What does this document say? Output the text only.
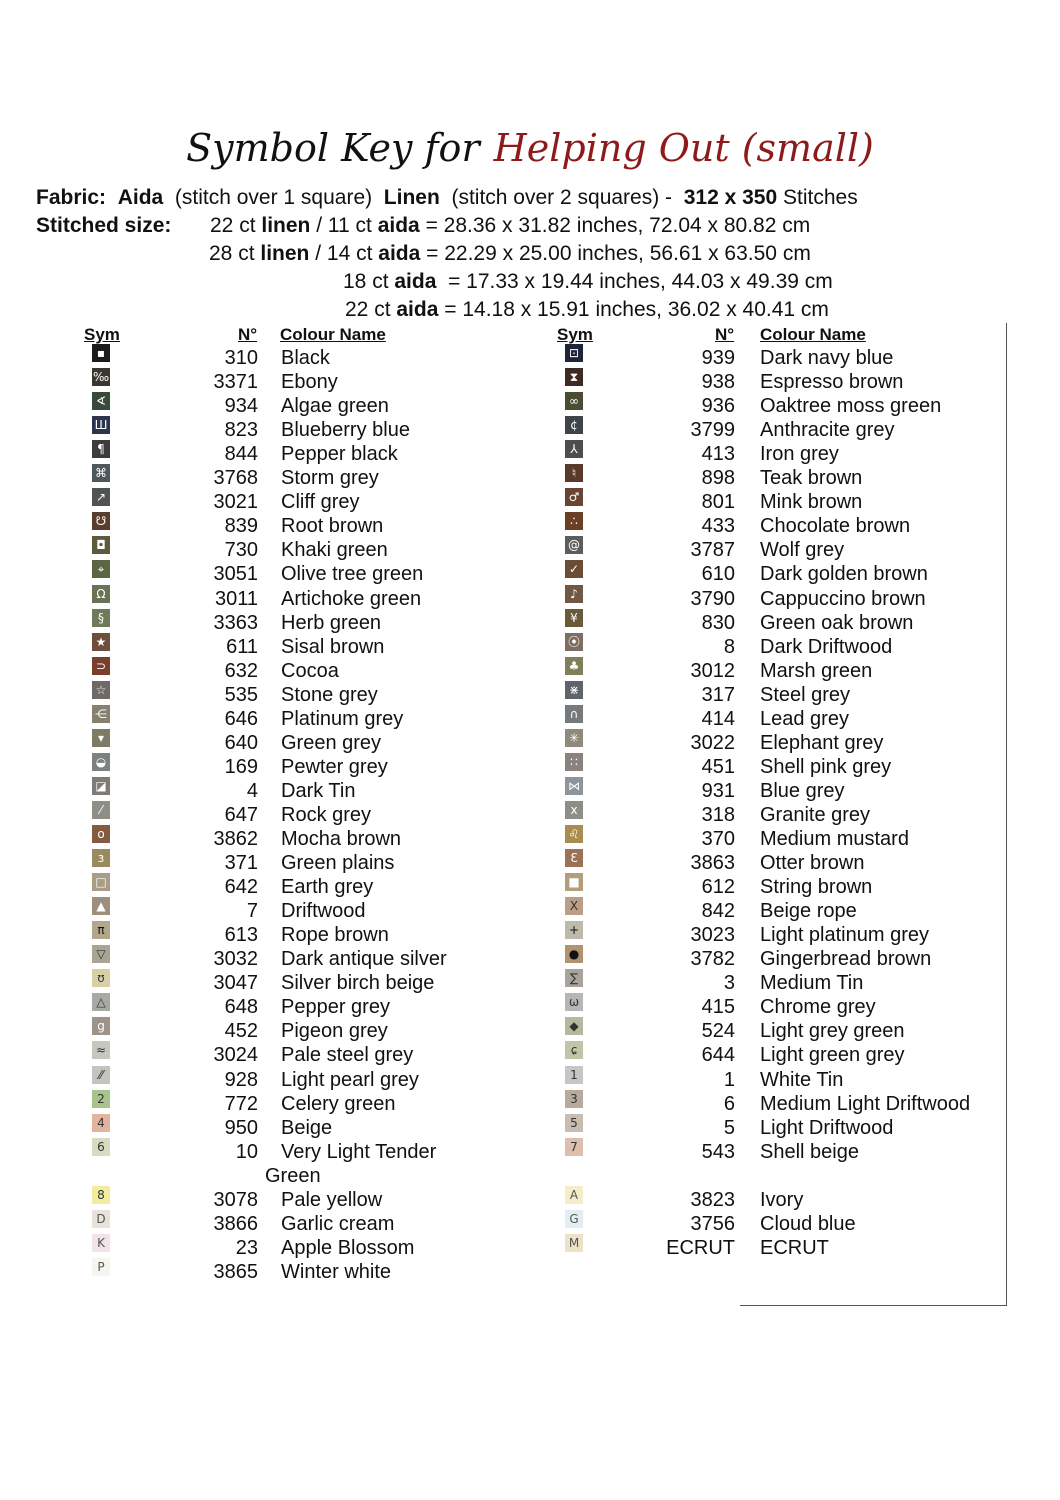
Symbol Key for Helping Out (small)
Fabric: Aida (stitch over 1 square) Linen (stitch over 2 squares) - 312 x 350 Stitches
Stitched size: 22 ct linen / 11 ct aida = 28.36 x 31.82 inches, 72.04 x 80.82 cm
28 ct linen / 14 ct aida = 22.29 x 25.00 inches, 56.61 x 63.50 cm
18 ct aida  = 17.33 x 19.44 inches, 44.03 x 49.39 cm
22 ct aida = 14.18 x 15.91 inches, 36.02 x 40.41 cm
Sym	N° Colour Name	Sym	N° Colour Name
▪	310 Black
‰	3371 Ebony
∢	934 Algae green
Ш	823 Blueberry blue
¶	844 Pepper black
⌘	3768 Storm grey
↗	3021 Cliff grey
☋	839 Root brown
◘	730 Khaki green
⌖	3051 Olive tree green
Ω	3011 Artichoke green
§	3363 Herb green
★	611 Sisal brown
⊃	632 Cocoa
☆	535 Stone grey
⋲	646 Platinum grey
▾	640 Green grey
◒	169 Pewter grey
◪	4 Dark Tin
⁄	647 Rock grey
o	3862 Mocha brown
ɜ	371 Green plains
□	642 Earth grey
▲	7 Driftwood
π	613 Rope brown
▽	3032 Dark antique silver
ʊ	3047 Silver birch beige
△	648 Pepper grey
g	452 Pigeon grey
≈	3024 Pale steel grey
⁄⁄	928 Light pearl grey
2	772 Celery green
4	950 Beige
6	10 Very Light Tender
Green
8	3078 Pale yellow
D	3866 Garlic cream
K	23 Apple Blossom
P	3865 Winter white
⊡	939 Dark navy blue
⧗	938 Espresso brown
∞	936 Oaktree moss green
¢	3799 Anthracite grey
⅄	413 Iron grey
♮	898 Teak brown
♂	801 Mink brown
∴	433 Chocolate brown
@	3787 Wolf grey
✓	610 Dark golden brown
♪	3790 Cappuccino brown
¥	830 Green oak brown
⦿	8 Dark Driftwood
♣	3012 Marsh green
⋇	317 Steel grey
∩	414 Lead grey
✳	3022 Elephant grey
∷	451 Shell pink grey
⋈	931 Blue grey
x	318 Granite grey
♌	370 Medium mustard
Ɛ	3863 Otter brown
■	612 String brown
X	842 Beige rope
+	3023 Light platinum grey
●	3782 Gingerbread brown
∑	3 Medium Tin
ω	415 Chrome grey
◆	524 Light grey green
ɕ	644 Light green grey
1	1 White Tin
3	6 Medium Light Driftwood
5	5 Light Driftwood
7	543 Shell beige
A	3823 Ivory
G	3756 Cloud blue
M	ECRUT ECRUT
